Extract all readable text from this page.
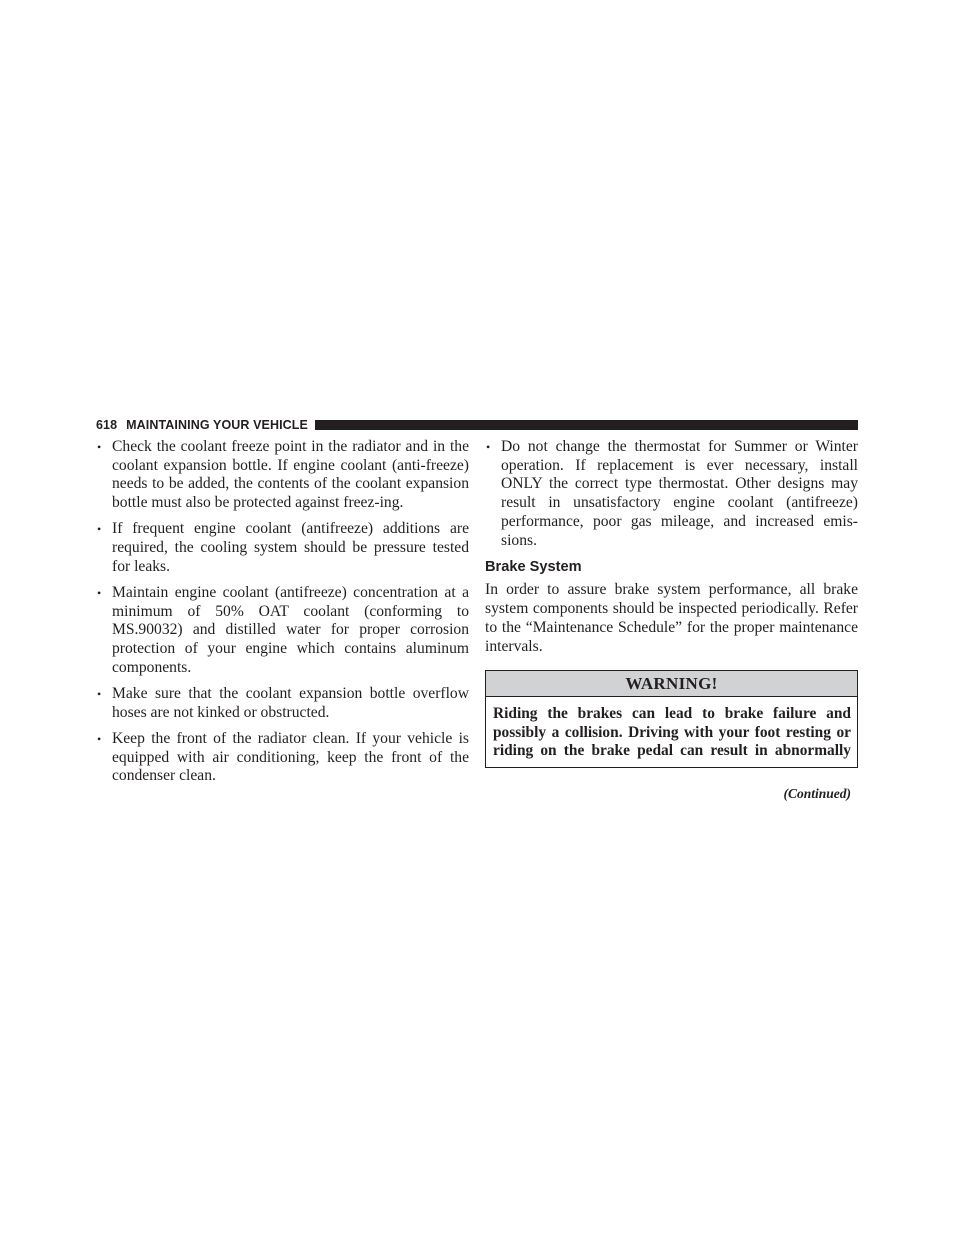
618 MAINTAINING YOUR VEHICLE
• Check the coolant freeze point in the radiator and in the coolant expansion bottle. If engine coolant (anti-freeze) needs to be added, the contents of the coolant expansion bottle must also be protected against freez-ing.
• If frequent engine coolant (antifreeze) additions are required, the cooling system should be pressure tested for leaks.
• Maintain engine coolant (antifreeze) concentration at a minimum of 50% OAT coolant (conforming to MS.90032) and distilled water for proper corrosion protection of your engine which contains aluminum components.
• Make sure that the coolant expansion bottle overflow hoses are not kinked or obstructed.
• Keep the front of the radiator clean. If your vehicle is equipped with air conditioning, keep the front of the condenser clean.
• Do not change the thermostat for Summer or Winter operation. If replacement is ever necessary, install ONLY the correct type thermostat. Other designs may result in unsatisfactory engine coolant (antifreeze) performance, poor gas mileage, and increased emis-sions.
Brake System

In order to assure brake system performance, all brake system components should be inspected periodically. Refer to the “Maintenance Schedule” for the proper maintenance intervals.

WARNING!
Riding the brakes can lead to brake failure and possibly a collision. Driving with your foot resting or riding on the brake pedal can result in abnormally
(Continued)
